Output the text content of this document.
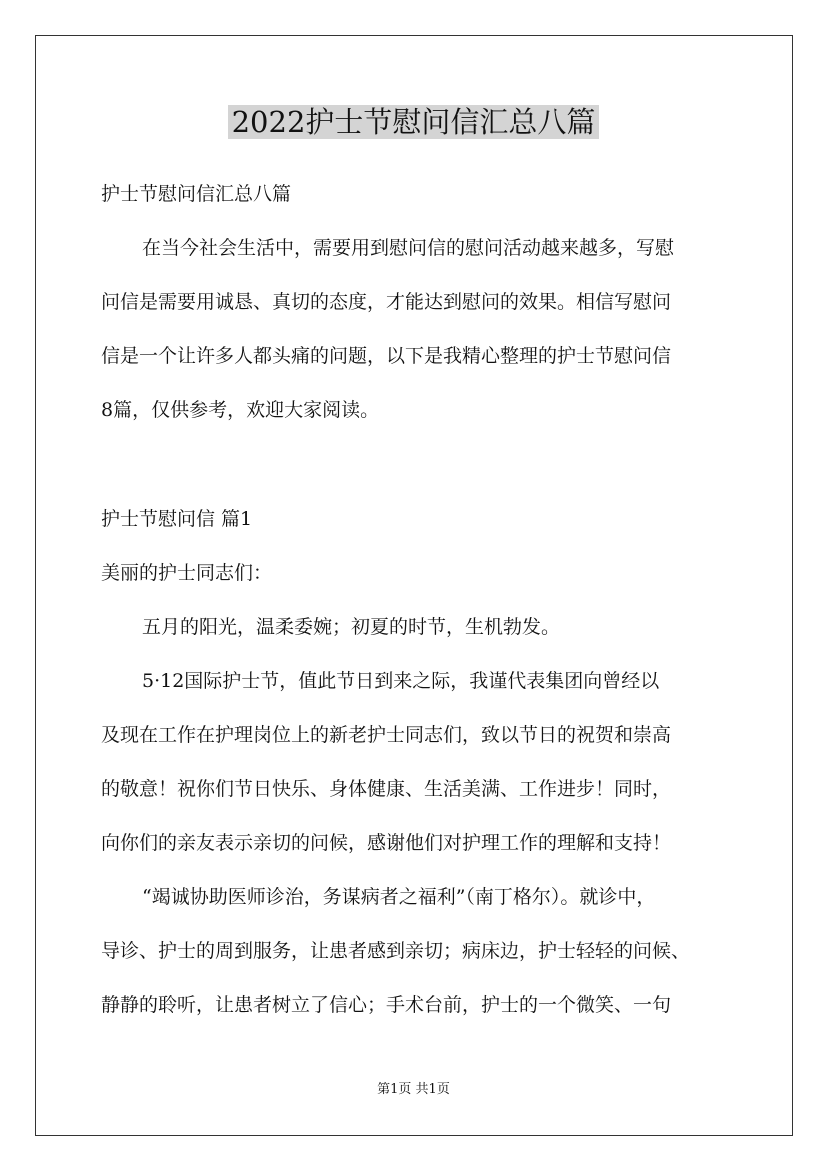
2022护士节慰问信汇总八篇
护士节慰问信汇总八篇
在当今社会生活中，需要用到慰问信的慰问活动越来越多，写慰
问信是需要用诚恳、真切的态度，才能达到慰问的效果。相信写慰问
信是一个让许多人都头痛的问题，以下是我精心整理的护士节慰问信
8篇，仅供参考，欢迎大家阅读。
护士节慰问信 篇1
美丽的护士同志们：
五月的阳光，温柔委婉；初夏的时节，生机勃发。
5·12国际护士节，值此节日到来之际，我谨代表集团向曾经以
及现在工作在护理岗位上的新老护士同志们，致以节日的祝贺和崇高
的敬意！祝你们节日快乐、身体健康、生活美满、工作进步！同时，
向你们的亲友表示亲切的问候，感谢他们对护理工作的理解和支持！
“竭诚协助医师诊治，务谋病者之福利”（南丁格尔）。就诊中，
导诊、护士的周到服务，让患者感到亲切；病床边，护士轻轻的问候、
静静的聆听，让患者树立了信心；手术台前，护士的一个微笑、一句
第1页 共1页
